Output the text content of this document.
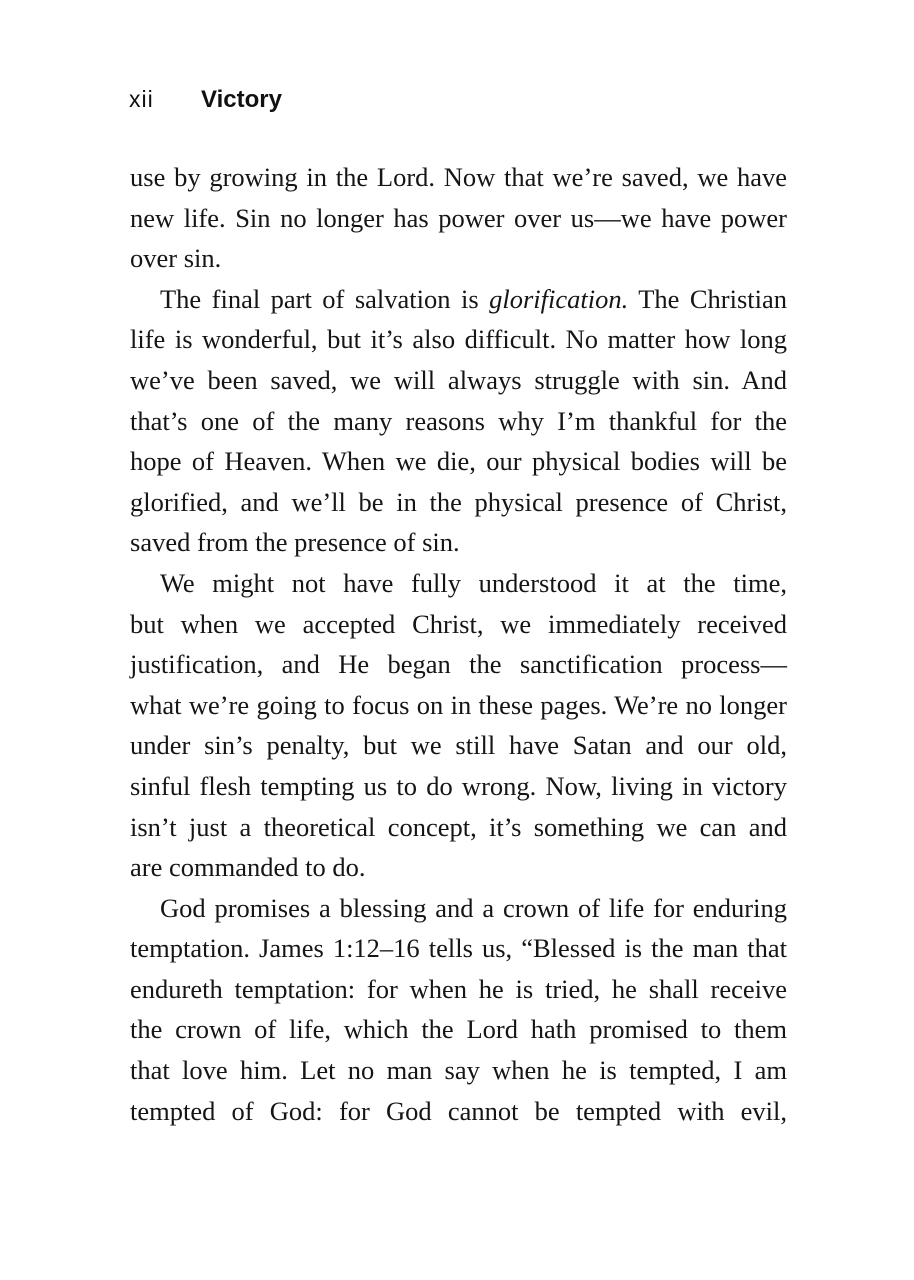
xii	Victory
use by growing in the Lord. Now that we’re saved, we have
new life. Sin no longer has power over us—we have power
over sin.
The final part of salvation is glorification. The Christian
life is wonderful, but it’s also difficult. No matter how long
we’ve been saved, we will always struggle with sin. And
that’s one of the many reasons why I’m thankful for the
hope of Heaven. When we die, our physical bodies will be
glorified, and we’ll be in the physical presence of Christ,
saved from the presence of sin.
We might not have fully understood it at the time,
but when we accepted Christ, we immediately received
justification, and He began the sanctification process—
what we’re going to focus on in these pages. We’re no longer
under sin’s penalty, but we still have Satan and our old,
sinful flesh tempting us to do wrong. Now, living in victory
isn’t just a theoretical concept, it’s something we can and
are commanded to do.
God promises a blessing and a crown of life for enduring
temptation. James 1:12–16 tells us, “Blessed is the man that
endureth temptation: for when he is tried, he shall receive
the crown of life, which the Lord hath promised to them
that love him. Let no man say when he is tempted, I am
tempted of God: for God cannot be tempted with evil,
